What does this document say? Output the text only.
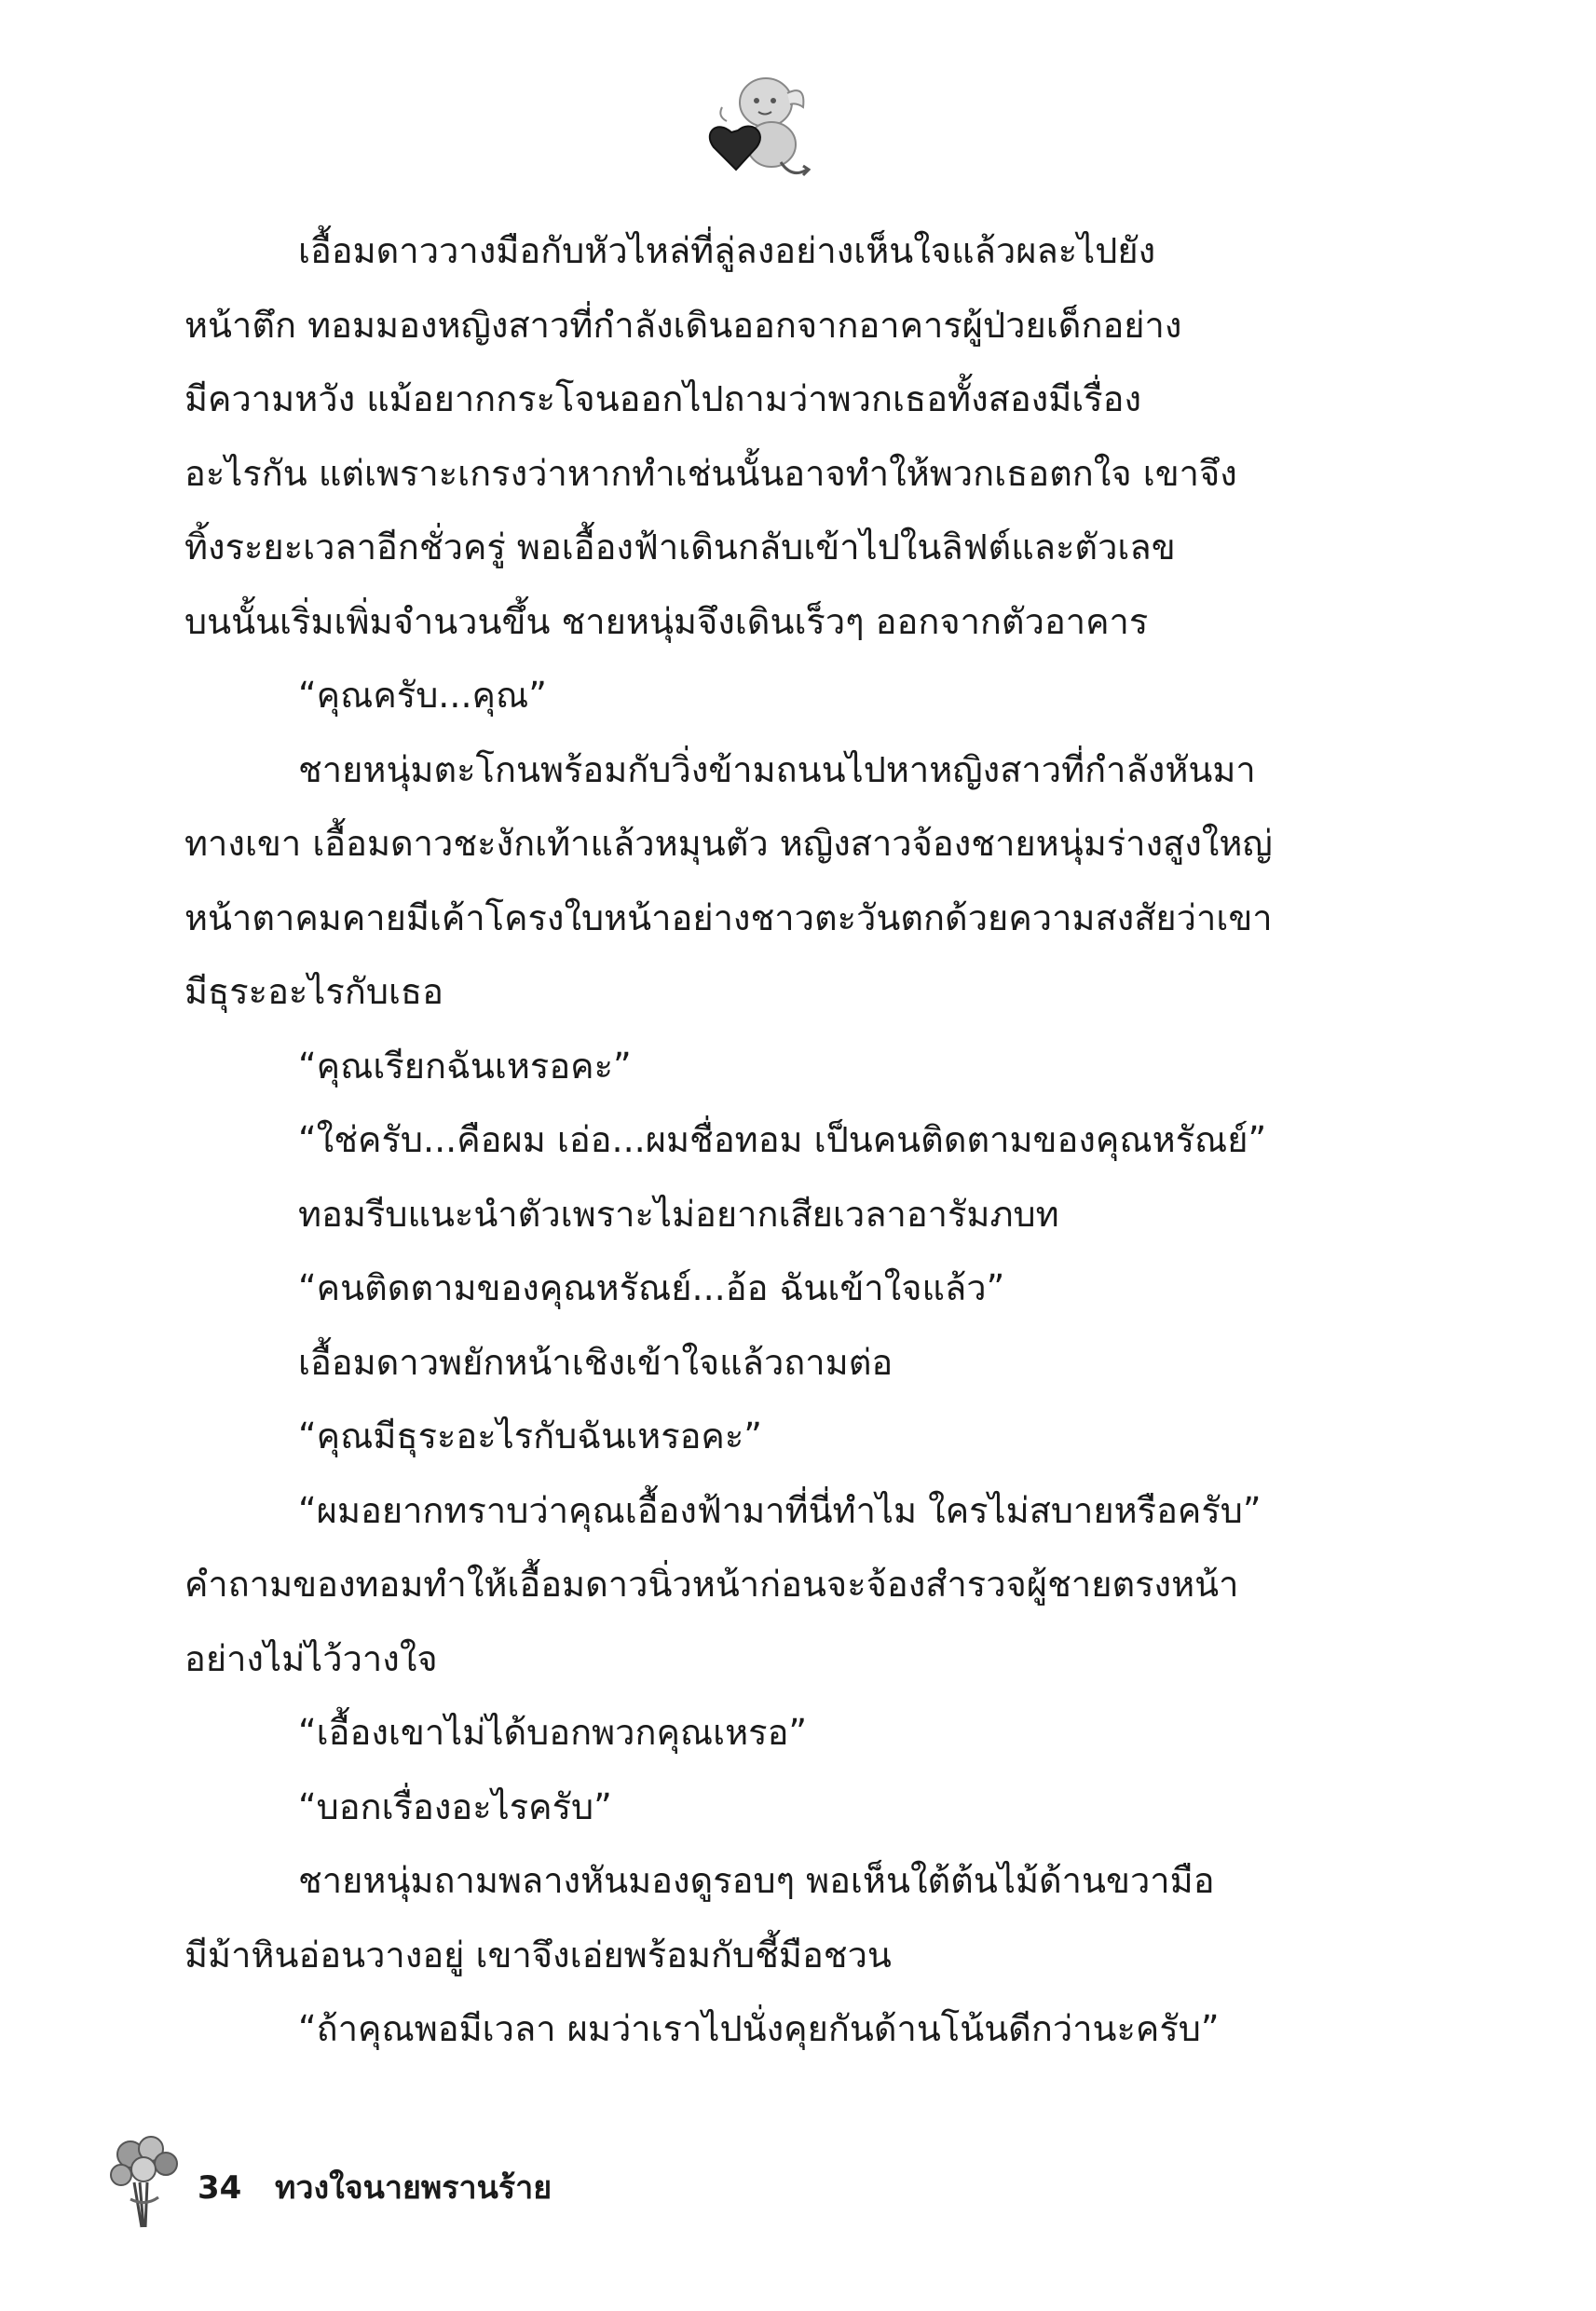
เอื้อมดาววางมือกับหัวไหล่ที่ลู่ลงอย่างเห็นใจแล้วผละไปยัง
หน้าตึก ทอมมองหญิงสาวที่กำลังเดินออกจากอาคารผู้ป่วยเด็กอย่าง
มีความหวัง แม้อยากกระโจนออกไปถามว่าพวกเธอทั้งสองมีเรื่อง
อะไรกัน แต่เพราะเกรงว่าหากทำเช่นนั้นอาจทำให้พวกเธอตกใจ เขาจึง
ทิ้งระยะเวลาอีกชั่วครู่ พอเอื้องฟ้าเดินกลับเข้าไปในลิฟต์และตัวเลข
บนนั้นเริ่มเพิ่มจำนวนขึ้น ชายหนุ่มจึงเดินเร็วๆ ออกจากตัวอาคาร
“คุณครับ...คุณ”
ชายหนุ่มตะโกนพร้อมกับวิ่งข้ามถนนไปหาหญิงสาวที่กำลังหันมา
ทางเขา เอื้อมดาวชะงักเท้าแล้วหมุนตัว หญิงสาวจ้องชายหนุ่มร่างสูงใหญ่
หน้าตาคมคายมีเค้าโครงใบหน้าอย่างชาวตะวันตกด้วยความสงสัยว่าเขา
มีธุระอะไรกับเธอ
“คุณเรียกฉันเหรอคะ”
“ใช่ครับ...คือผม เอ่อ...ผมชื่อทอม เป็นคนติดตามของคุณหรัณย์”
ทอมรีบแนะนำตัวเพราะไม่อยากเสียเวลาอารัมภบท
“คนติดตามของคุณหรัณย์...อ้อ ฉันเข้าใจแล้ว”
เอื้อมดาวพยักหน้าเชิงเข้าใจแล้วถามต่อ
“คุณมีธุระอะไรกับฉันเหรอคะ”
“ผมอยากทราบว่าคุณเอื้องฟ้ามาที่นี่ทำไม ใครไม่สบายหรือครับ”
คำถามของทอมทำให้เอื้อมดาวนิ่วหน้าก่อนจะจ้องสำรวจผู้ชายตรงหน้า
อย่างไม่ไว้วางใจ
“เอื้องเขาไม่ได้บอกพวกคุณเหรอ”
“บอกเรื่องอะไรครับ”
ชายหนุ่มถามพลางหันมองดูรอบๆ พอเห็นใต้ต้นไม้ด้านขวามือ
มีม้าหินอ่อนวางอยู่ เขาจึงเอ่ยพร้อมกับชี้มือชวน
“ถ้าคุณพอมีเวลา ผมว่าเราไปนั่งคุยกันด้านโน้นดีกว่านะครับ”
34 ทวงใจนายพรานร้าย
